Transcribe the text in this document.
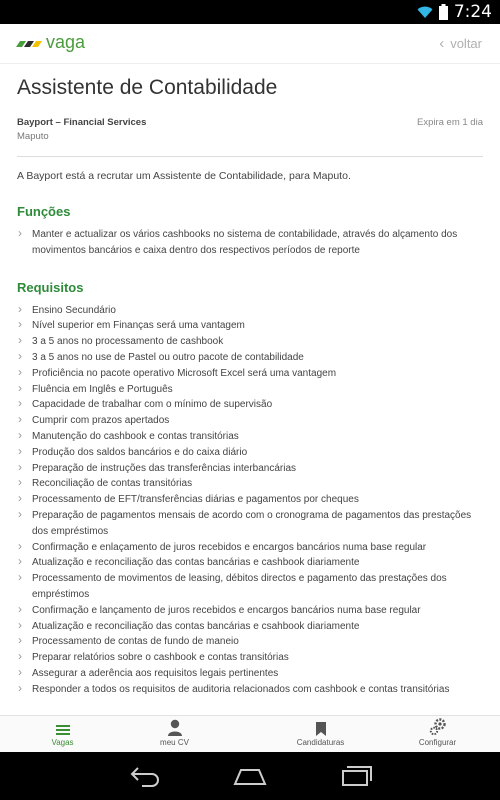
7:24
vaga	‹ voltar
Assistente de Contabilidade
Bayport – Financial Services
Maputo
Expira em 1 dia

A Bayport está a recrutar um Assistente de Contabilidade, para Maputo.

Funções
› Manter e actualizar os vários cashbooks no sistema de contabilidade, através do alçamento dos movimentos bancários e caixa dentro dos respectivos períodos de reporte
Requisitos
› Ensino Secundário
› Nível superior em Finanças será uma vantagem
› 3 a 5 anos no processamento de cashbook
› 3 a 5 anos no use de Pastel ou outro pacote de contabilidade
› Proficiência no pacote operativo Microsoft Excel será uma vantagem
› Fluência em Inglês e Português
› Capacidade de trabalhar com o mínimo de supervisão
› Cumprir com prazos apertados
› Manutenção do cashbook e contas transitórias
› Produção dos saldos bancários e do caixa diário
› Preparação de instruções das transferências interbancárias
› Reconciliação de contas transitórias
› Processamento de EFT/transferências diárias e pagamentos por cheques
› Preparação de pagamentos mensais de acordo com o cronograma de pagamentos das prestações dos empréstimos
› Confirmação e enlaçamento de juros recebidos e encargos bancários numa base regular
› Atualização e reconciliação das contas bancárias e cashbook diariamente
› Processamento de movimentos de leasing, débitos directos e pagamento das prestações dos empréstimos
› Confirmação e lançamento de juros recebidos e encargos bancários numa base regular
› Atualização e reconciliação das contas bancárias e csahbook diariamente
› Processamento de contas de fundo de maneio
› Preparar relatórios sobre o cashbook e contas transitórias
› Assegurar a aderência aos requisitos legais pertinentes
› Responder a todos os requisitos de auditoria relacionados com cashbook e contas transitórias
Vagas	meu CV	Candidaturas	Configurar
